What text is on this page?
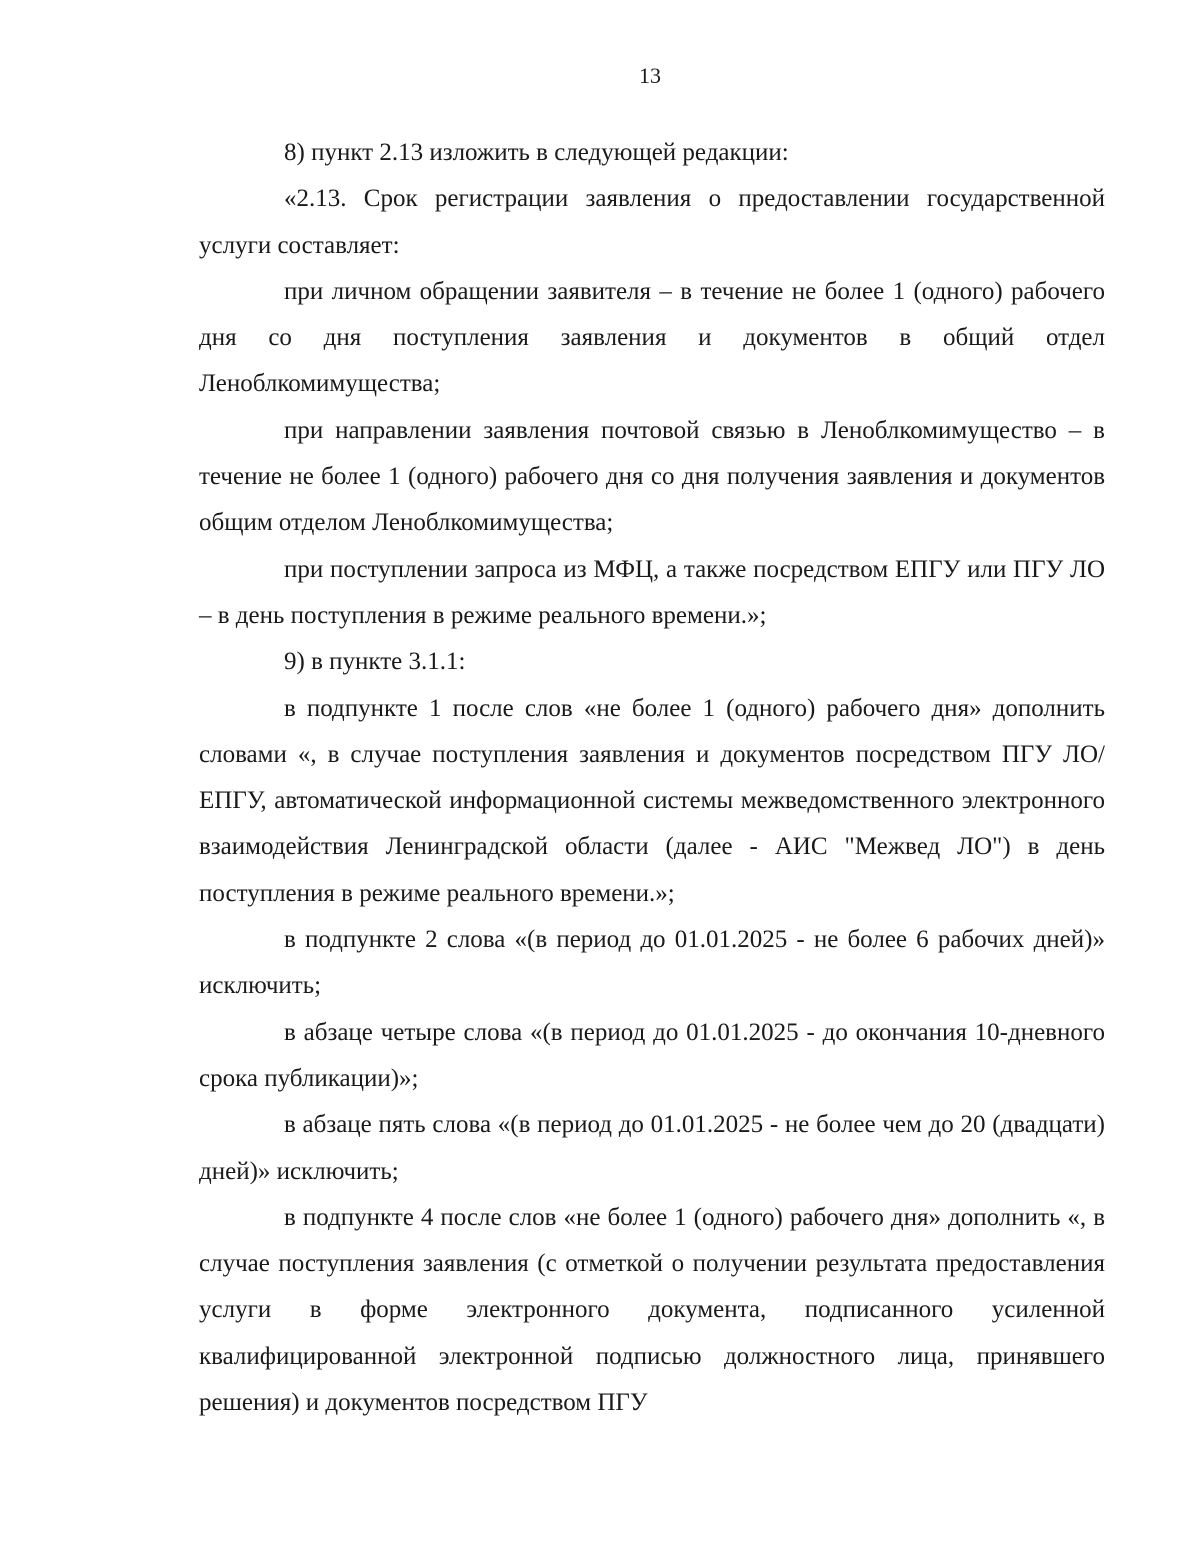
13

8) пункт 2.13 изложить в следующей редакции:

«2.13. Срок регистрации заявления о предоставлении государственной услуги составляет:

при личном обращении заявителя – в течение не более 1 (одного) рабочего дня со дня поступления заявления и документов в общий отдел Леноблкомимущества;

при направлении заявления почтовой связью в Леноблкомимущество – в течение не более 1 (одного) рабочего дня со дня получения заявления и документов общим отделом Леноблкомимущества;

при поступлении запроса из МФЦ, а также посредством ЕПГУ или ПГУ ЛО – в день поступления в режиме реального времени.»;

9) в пункте 3.1.1:

в подпункте 1 после слов «не более 1 (одного) рабочего дня» дополнить словами «, в случае поступления заявления и документов посредством ПГУ ЛО/ ЕПГУ, автоматической информационной системы межведомственного электронного взаимодействия Ленинградской области (далее - АИС "Межвед ЛО") в день поступления в режиме реального времени.»;

в подпункте 2 слова «(в период до 01.01.2025 - не более 6 рабочих дней)» исключить;

в абзаце четыре слова «(в период до 01.01.2025 - до окончания 10-дневного срока публикации)»;

в абзаце пять слова «(в период до 01.01.2025 - не более чем до 20 (двадцати) дней)» исключить;

в подпункте 4 после слов «не более 1 (одного) рабочего дня» дополнить «, в случае поступления заявления (с отметкой о получении результата предоставления услуги в форме электронного документа, подписанного усиленной квалифицированной электронной подписью должностного лица, принявшего решения) и документов посредством ПГУ
